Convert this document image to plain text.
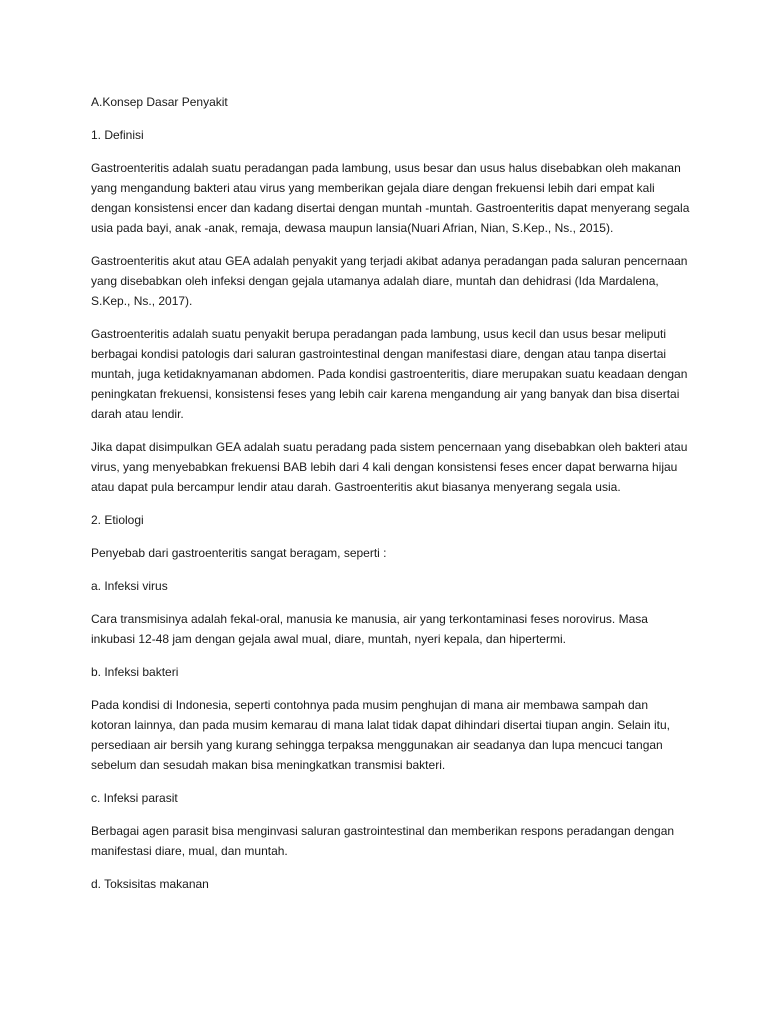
A.Konsep Dasar Penyakit

1. Definisi

Gastroenteritis adalah suatu peradangan pada lambung, usus besar dan usus halus disebabkan oleh makanan yang mengandung bakteri atau virus yang memberikan gejala diare dengan frekuensi lebih dari empat kali dengan konsistensi encer dan kadang disertai dengan muntah -muntah. Gastroenteritis dapat menyerang segala usia pada bayi, anak -anak, remaja, dewasa maupun lansia(Nuari Afrian, Nian, S.Kep., Ns., 2015).

Gastroenteritis akut atau GEA adalah penyakit yang terjadi akibat adanya peradangan pada saluran pencernaan yang disebabkan oleh infeksi dengan gejala utamanya adalah diare, muntah dan dehidrasi (Ida Mardalena, S.Kep., Ns., 2017).

Gastroenteritis adalah suatu penyakit berupa peradangan pada lambung, usus kecil dan usus besar meliputi berbagai kondisi patologis dari saluran gastrointestinal dengan manifestasi diare, dengan atau tanpa disertai muntah, juga ketidaknyamanan abdomen. Pada kondisi gastroenteritis, diare merupakan suatu keadaan dengan peningkatan frekuensi, konsistensi feses yang lebih cair karena mengandung air yang banyak dan bisa disertai darah atau lendir.

Jika dapat disimpulkan GEA adalah suatu peradang pada sistem pencernaan yang disebabkan oleh bakteri atau virus, yang menyebabkan frekuensi BAB lebih dari 4 kali dengan konsistensi feses encer dapat berwarna hijau atau dapat pula bercampur lendir atau darah. Gastroenteritis akut biasanya menyerang segala usia.

2. Etiologi

Penyebab dari gastroenteritis sangat beragam, seperti :

a. Infeksi virus

Cara transmisinya adalah fekal-oral, manusia ke manusia, air yang terkontaminasi feses norovirus. Masa inkubasi 12-48 jam dengan gejala awal mual, diare, muntah, nyeri kepala, dan hipertermi.

b. Infeksi bakteri

Pada kondisi di Indonesia, seperti contohnya pada musim penghujan di mana air membawa sampah dan kotoran lainnya, dan pada musim kemarau di mana lalat tidak dapat dihindari disertai tiupan angin. Selain itu, persediaan air bersih yang kurang sehingga terpaksa menggunakan air seadanya dan lupa mencuci tangan sebelum dan sesudah makan bisa meningkatkan transmisi bakteri.

c. Infeksi parasit

Berbagai agen parasit bisa menginvasi saluran gastrointestinal dan memberikan respons peradangan dengan manifestasi diare, mual, dan muntah.

d. Toksisitas makanan
